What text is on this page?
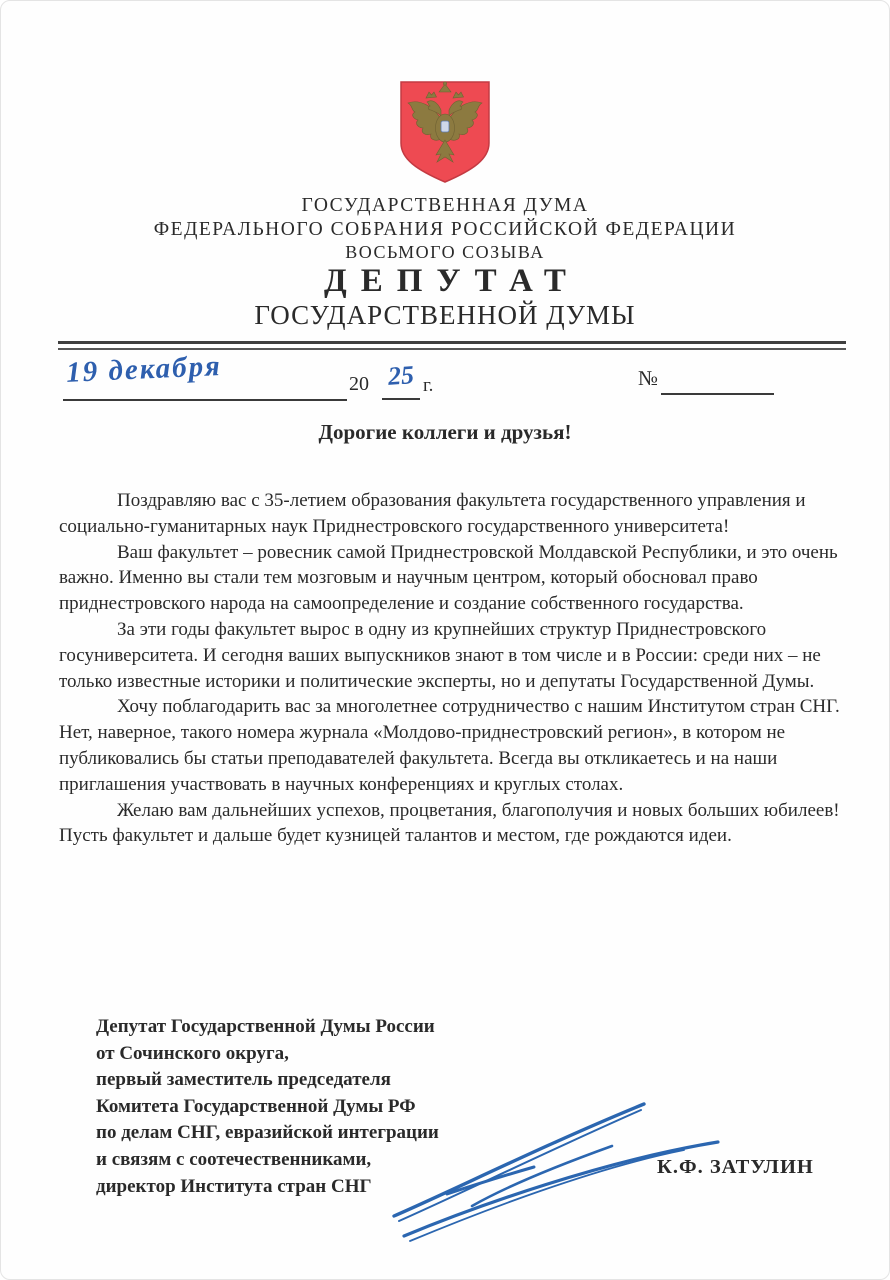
ГОСУДАРСТВЕННАЯ ДУМА
ФЕДЕРАЛЬНОГО СОБРАНИЯ РОССИЙСКОЙ ФЕДЕРАЦИИ
ВОСЬМОГО СОЗЫВА
ДЕПУТАТ
ГОСУДАРСТВЕННОЙ ДУМЫ
19 декабря	20 25 г.	№
Дорогие коллеги и друзья!

Поздравляю вас с 35-летием образования факультета государственного управления и социально-гуманитарных наук Приднестровского государственного университета!

Ваш факультет – ровесник самой Приднестровской Молдавской Республики, и это очень важно. Именно вы стали тем мозговым и научным центром, который обосновал право приднестровского народа на самоопределение и создание собственного государства.

За эти годы факультет вырос в одну из крупнейших структур Приднестровского госуниверситета. И сегодня ваших выпускников знают в том числе и в России: среди них – не только известные историки и политические эксперты, но и депутаты Государственной Думы.

Хочу поблагодарить вас за многолетнее сотрудничество с нашим Институтом стран СНГ. Нет, наверное, такого номера журнала «Молдово-приднестровский регион», в котором не публиковались бы статьи преподавателей факультета. Всегда вы откликаетесь и на наши приглашения участвовать в научных конференциях и круглых столах.

Желаю вам дальнейших успехов, процветания, благополучия и новых больших юбилеев! Пусть факультет и дальше будет кузницей талантов и местом, где рождаются идеи.

Депутат Государственной Думы России
от Сочинского округа,
первый заместитель председателя
Комитета Государственной Думы РФ
по делам СНГ, евразийской интеграции
и связям с соотечественниками,
директор Института стран СНГ
К.Ф. ЗАТУЛИН
